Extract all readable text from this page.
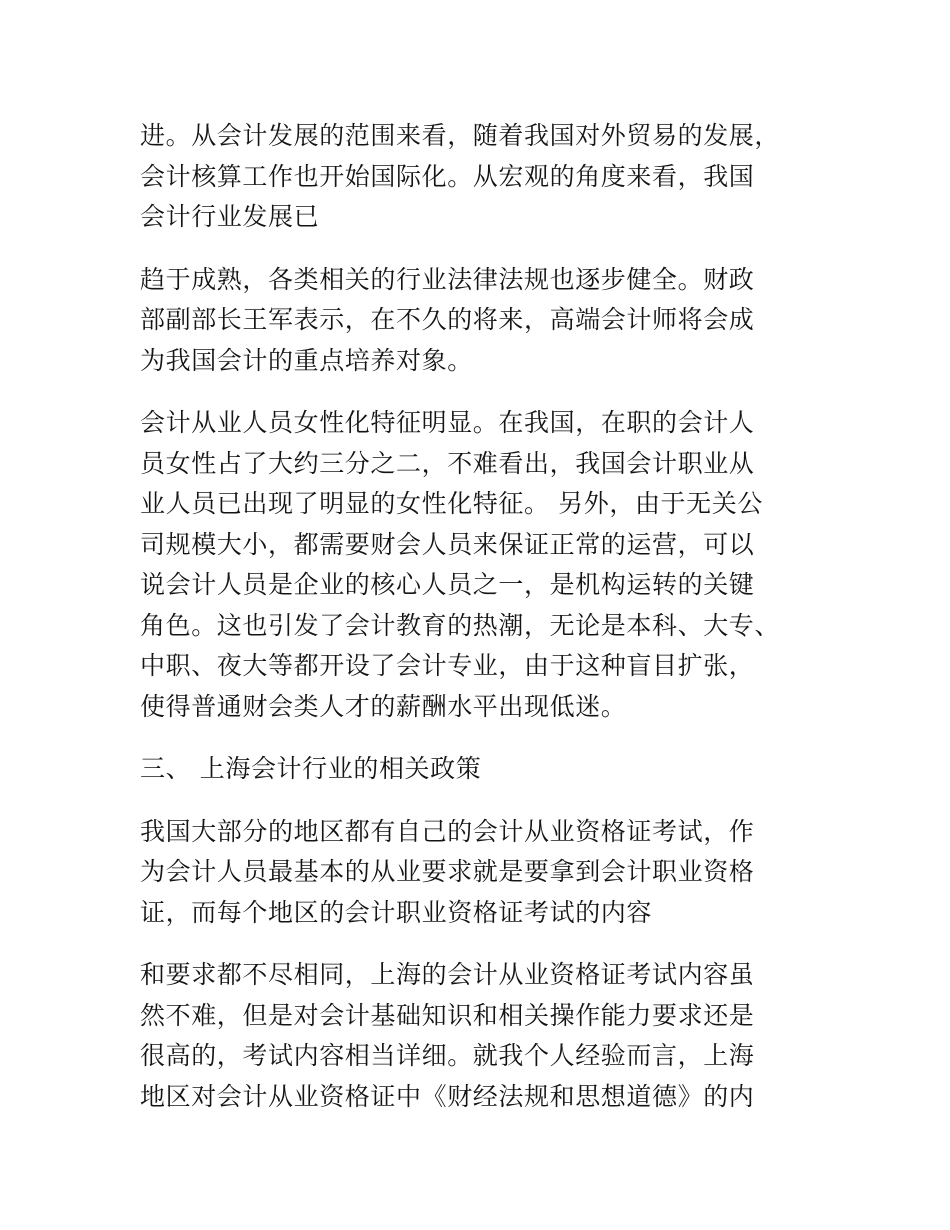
进。从会计发展的范围来看，随着我国对外贸易的发展，
会计核算工作也开始国际化。从宏观的角度来看，我国
会计行业发展已

趋于成熟，各类相关的行业法律法规也逐步健全。财政
部副部长王军表示，在不久的将来，高端会计师将会成
为我国会计的重点培养对象。

会计从业人员女性化特征明显。在我国，在职的会计人
员女性占了大约三分之二，不难看出，我国会计职业从
业人员已出现了明显的女性化特征。 另外，由于无关公
司规模大小，都需要财会人员来保证正常的运营，可以
说会计人员是企业的核心人员之一，是机构运转的关键
角色。这也引发了会计教育的热潮，无论是本科、大专、
中职、夜大等都开设了会计专业，由于这种盲目扩张，
使得普通财会类人才的薪酬水平出现低迷。

三、 上海会计行业的相关政策

我国大部分的地区都有自己的会计从业资格证考试，作
为会计人员最基本的从业要求就是要拿到会计职业资格
证，而每个地区的会计职业资格证考试的内容

和要求都不尽相同，上海的会计从业资格证考试内容虽
然不难，但是对会计基础知识和相关操作能力要求还是
很高的，考试内容相当详细。就我个人经验而言，上海
地区对会计从业资格证中《财经法规和思想道德》的内
